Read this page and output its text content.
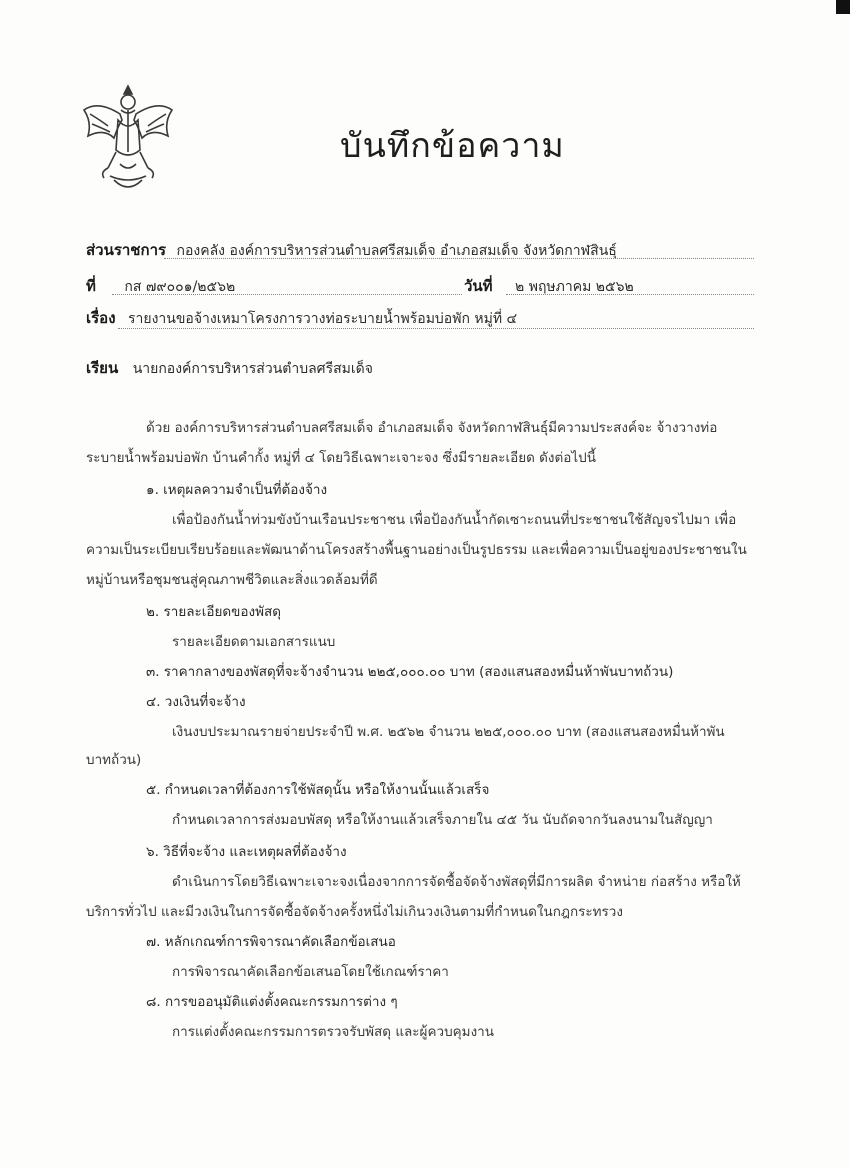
บันทึกข้อความ
ส่วนราชการ กองคลัง องค์การบริหารส่วนตำบลศรีสมเด็จ อำเภอสมเด็จ จังหวัดกาฬสินธุ์
ที่ กส ๗๙๐๐๑/๒๕๖๒	วันที่ ๒ พฤษภาคม ๒๕๖๒
เรื่อง รายงานขอจ้างเหมาโครงการวางท่อระบายน้ำพร้อมบ่อพัก หมู่ที่ ๔
เรียน นายกองค์การบริหารส่วนตำบลศรีสมเด็จ
ด้วย องค์การบริหารส่วนตำบลศรีสมเด็จ อำเภอสมเด็จ จังหวัดกาฬสินธุ์มีความประสงค์จะ จ้างวางท่อ
ระบายน้ำพร้อมบ่อพัก บ้านคำกั้ง หมู่ที่ ๔ โดยวิธีเฉพาะเจาะจง ซึ่งมีรายละเอียด ดังต่อไปนี้
๑. เหตุผลความจำเป็นที่ต้องจ้าง
เพื่อป้องกันน้ำท่วมขังบ้านเรือนประชาชน เพื่อป้องกันน้ำกัดเซาะถนนที่ประชาชนใช้สัญจรไปมา เพื่อ
ความเป็นระเบียบเรียบร้อยและพัฒนาด้านโครงสร้างพื้นฐานอย่างเป็นรูปธรรม และเพื่อความเป็นอยู่ของประชาชนใน
หมู่บ้านหรือชุมชนสู่คุณภาพชีวิตและสิ่งแวดล้อมที่ดี
๒. รายละเอียดของพัสดุ
รายละเอียดตามเอกสารแนบ
๓. ราคากลางของพัสดุที่จะจ้างจำนวน ๒๒๕,๐๐๐.๐๐ บาท (สองแสนสองหมื่นห้าพันบาทถ้วน)
๔. วงเงินที่จะจ้าง
เงินงบประมาณรายจ่ายประจำปี พ.ศ. ๒๕๖๒ จำนวน ๒๒๕,๐๐๐.๐๐ บาท (สองแสนสองหมื่นห้าพัน
บาทถ้วน)
๕. กำหนดเวลาที่ต้องการใช้พัสดุนั้น หรือให้งานนั้นแล้วเสร็จ
กำหนดเวลาการส่งมอบพัสดุ หรือให้งานแล้วเสร็จภายใน ๔๕ วัน นับถัดจากวันลงนามในสัญญา
๖. วิธีที่จะจ้าง และเหตุผลที่ต้องจ้าง
ดำเนินการโดยวิธีเฉพาะเจาะจงเนื่องจากการจัดซื้อจัดจ้างพัสดุที่มีการผลิต จำหน่าย ก่อสร้าง หรือให้
บริการทั่วไป และมีวงเงินในการจัดซื้อจัดจ้างครั้งหนึ่งไม่เกินวงเงินตามที่กำหนดในกฎกระทรวง
๗. หลักเกณฑ์การพิจารณาคัดเลือกข้อเสนอ
การพิจารณาคัดเลือกข้อเสนอโดยใช้เกณฑ์ราคา
๘. การขออนุมัติแต่งตั้งคณะกรรมการต่าง ๆ
การแต่งตั้งคณะกรรมการตรวจรับพัสดุ และผู้ควบคุมงาน
